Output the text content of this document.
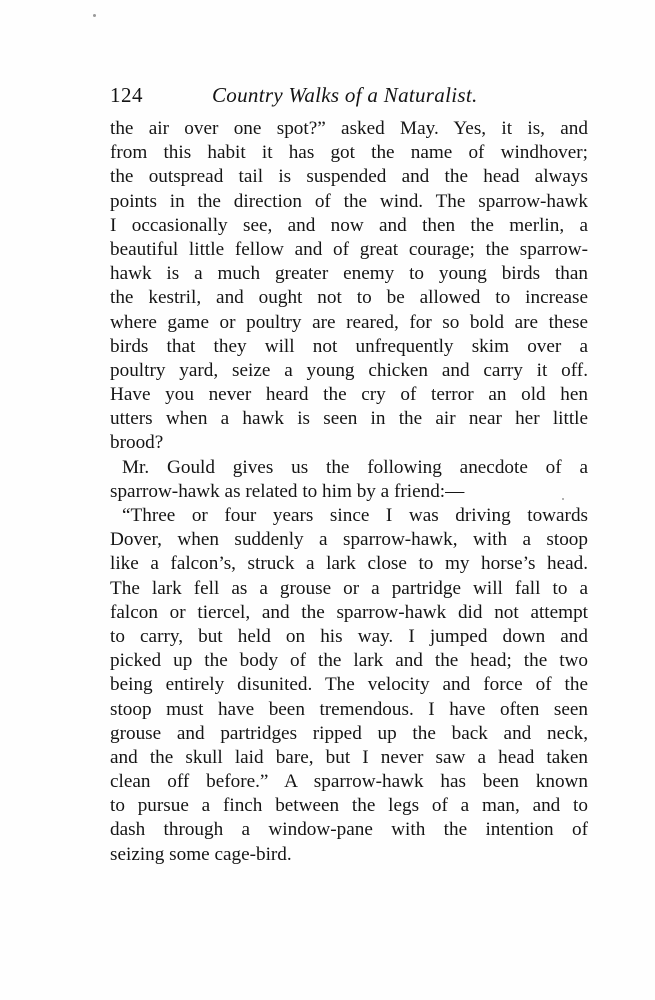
124	Country Walks of a Naturalist.
the air over one spot?” asked May. Yes, it is, and
from this habit it has got the name of windhover;
the outspread tail is suspended and the head always
points in the direction of the wind. The sparrow-hawk
I occasionally see, and now and then the merlin, a
beautiful little fellow and of great courage; the sparrow-
hawk is a much greater enemy to young birds than
the kestril, and ought not to be allowed to increase
where game or poultry are reared, for so bold are these
birds that they will not unfrequently skim over a
poultry yard, seize a young chicken and carry it off.
Have you never heard the cry of terror an old hen
utters when a hawk is seen in the air near her little
brood?
Mr. Gould gives us the following anecdote of a
sparrow-hawk as related to him by a friend:—
“Three or four years since I was driving towards
Dover, when suddenly a sparrow-hawk, with a stoop
like a falcon’s, struck a lark close to my horse’s head.
The lark fell as a grouse or a partridge will fall to a
falcon or tiercel, and the sparrow-hawk did not attempt
to carry, but held on his way. I jumped down and
picked up the body of the lark and the head; the two
being entirely disunited. The velocity and force of the
stoop must have been tremendous. I have often seen
grouse and partridges ripped up the back and neck,
and the skull laid bare, but I never saw a head taken
clean off before.” A sparrow-hawk has been known
to pursue a finch between the legs of a man, and to
dash through a window-pane with the intention of
seizing some cage-bird.
